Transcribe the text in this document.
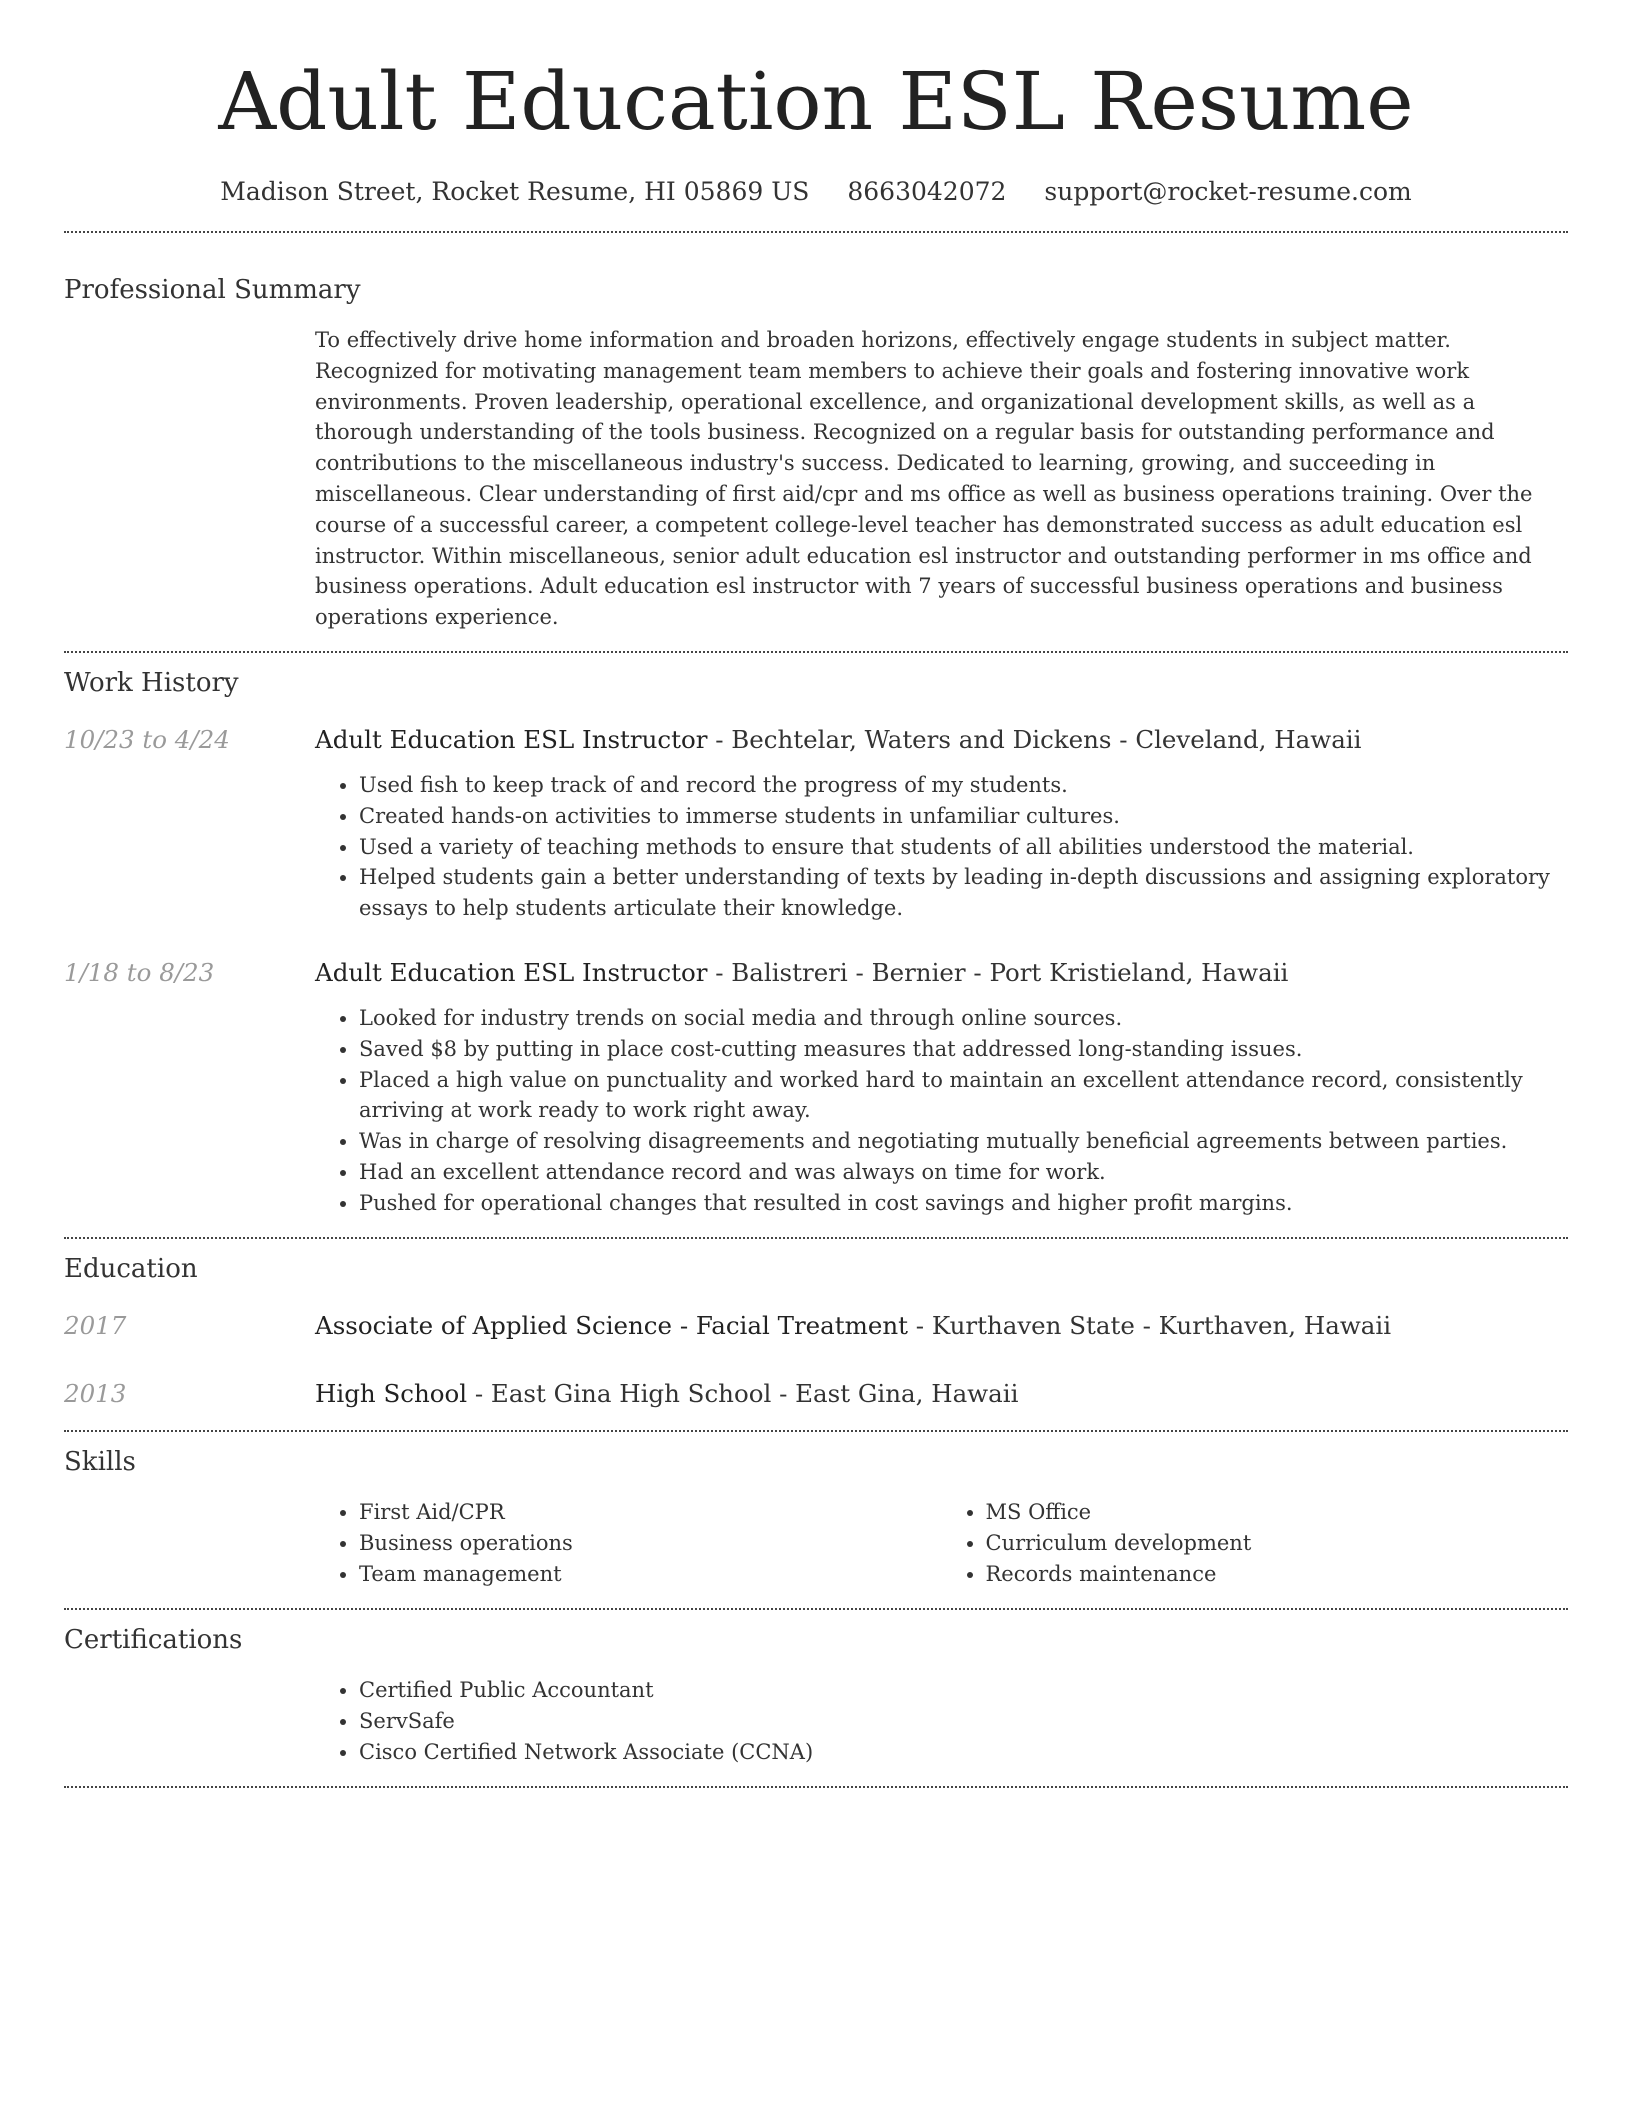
Adult Education ESL Resume
Madison Street, Rocket Resume, HI 05869 US 8663042072 support@rocket-resume.com
Professional Summary

To effectively drive home information and broaden horizons, effectively engage students in subject matter. Recognized for motivating management team members to achieve their goals and fostering innovative work environments. Proven leadership, operational excellence, and organizational development skills, as well as a thorough understanding of the tools business. Recognized on a regular basis for outstanding performance and contributions to the miscellaneous industry's success. Dedicated to learning, growing, and succeeding in miscellaneous. Clear understanding of first aid/cpr and ms office as well as business operations training. Over the course of a successful career, a competent college-level teacher has demonstrated success as adult education esl instructor. Within miscellaneous, senior adult education esl instructor and outstanding performer in ms office and business operations. Adult education esl instructor with 7 years of successful business operations and business operations experience.

Work History
10/23 to 4/24	Adult Education ESL Instructor - Bechtelar, Waters and Dickens - Cleveland, Hawaii
• Used fish to keep track of and record the progress of my students.
• Created hands-on activities to immerse students in unfamiliar cultures.
• Used a variety of teaching methods to ensure that students of all abilities understood the material.
• Helped students gain a better understanding of texts by leading in-depth discussions and assigning exploratory essays to help students articulate their knowledge.
1/18 to 8/23	Adult Education ESL Instructor - Balistreri - Bernier - Port Kristieland, Hawaii
• Looked for industry trends on social media and through online sources.
• Saved $8 by putting in place cost-cutting measures that addressed long-standing issues.
• Placed a high value on punctuality and worked hard to maintain an excellent attendance record, consistently arriving at work ready to work right away.
• Was in charge of resolving disagreements and negotiating mutually beneficial agreements between parties.
• Had an excellent attendance record and was always on time for work.
• Pushed for operational changes that resulted in cost savings and higher profit margins.
Education
2017	Associate of Applied Science - Facial Treatment - Kurthaven State - Kurthaven, Hawaii
2013	High School - East Gina High School - East Gina, Hawaii
Skills
• First Aid/CPR
• Business operations
• Team management
• MS Office
• Curriculum development
• Records maintenance
Certifications
• Certified Public Accountant
• ServSafe
• Cisco Certified Network Associate (CCNA)
